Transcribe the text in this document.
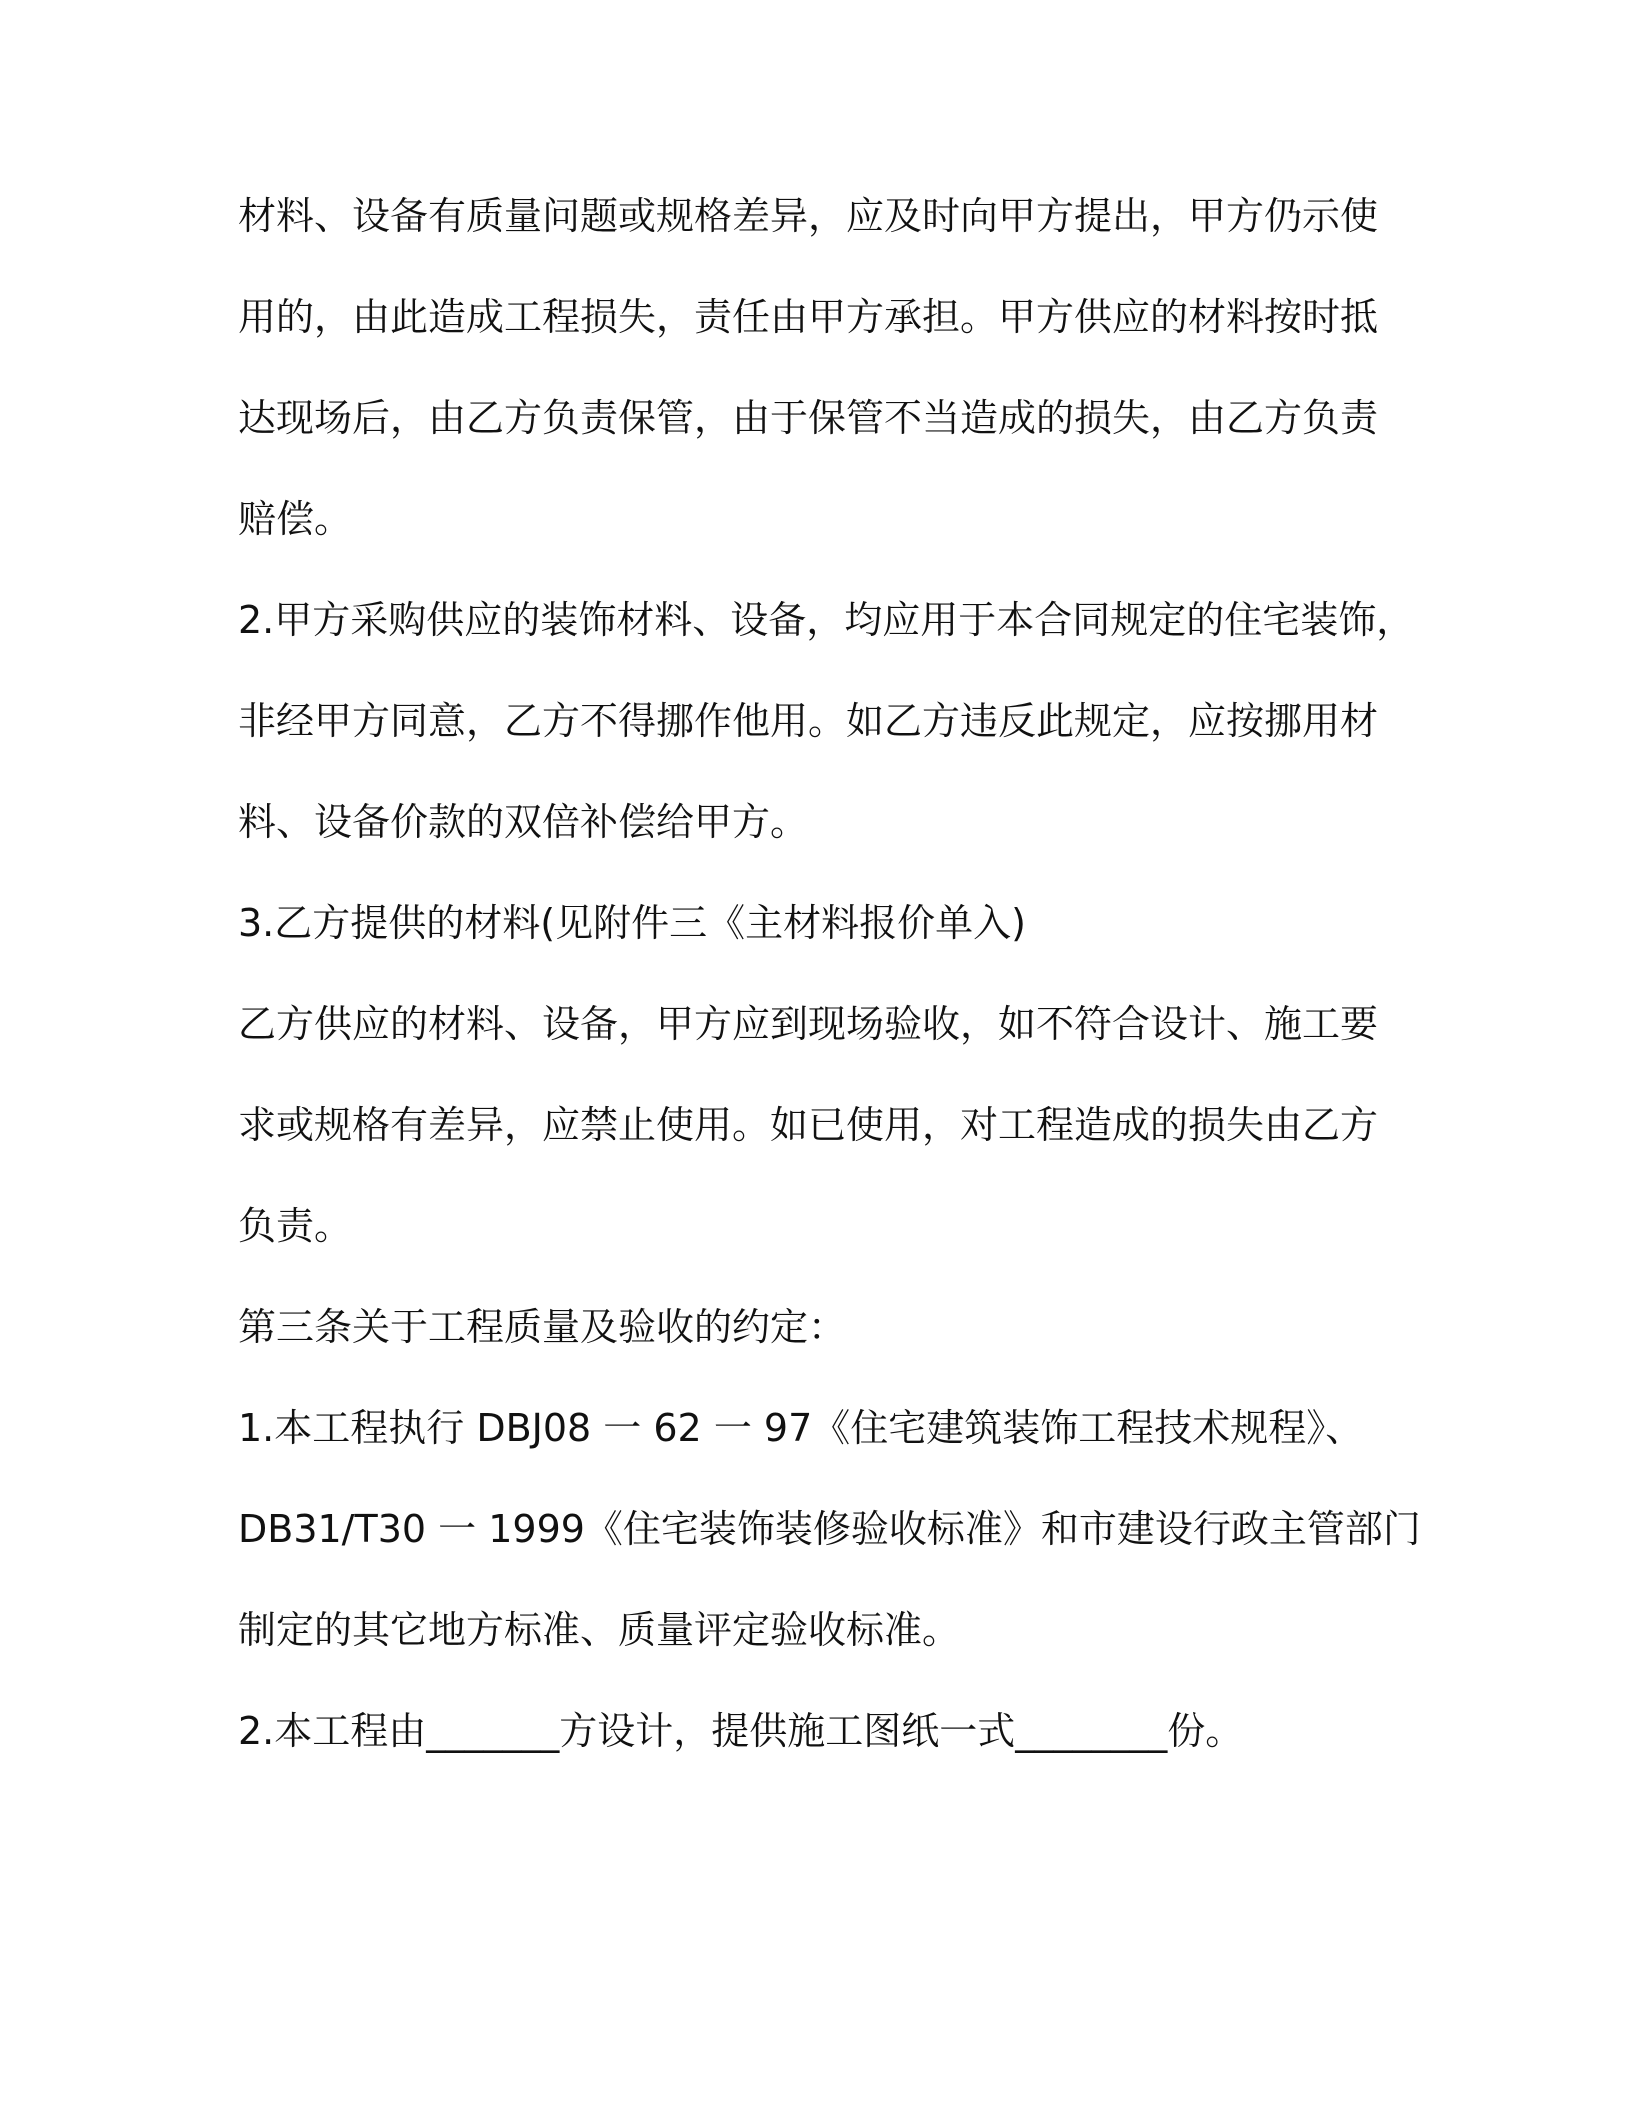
材料、设备有质量问题或规格差异，应及时向甲方提出，甲方仍示使
用的，由此造成工程损失，责任由甲方承担。甲方供应的材料按时抵
达现场后，由乙方负责保管，由于保管不当造成的损失，由乙方负责
赔偿。
2.甲方采购供应的装饰材料、设备，均应用于本合同规定的住宅装饰，
非经甲方同意，乙方不得挪作他用。如乙方违反此规定，应按挪用材
料、设备价款的双倍补偿给甲方。
3.乙方提供的材料(见附件三《主材料报价单入)
乙方供应的材料、设备，甲方应到现场验收，如不符合设计、施工要
求或规格有差异，应禁止使用。如已使用，对工程造成的损失由乙方
负责。
第三条关于工程质量及验收的约定：
1.本工程执行 DBJ08 一 62 一 97《住宅建筑装饰工程技术规程》、
DB31/T30 一 1999《住宅装饰装修验收标准》和市建设行政主管部门
制定的其它地方标准、质量评定验收标准。
2.本工程由_______方设计，提供施工图纸一式________份。
